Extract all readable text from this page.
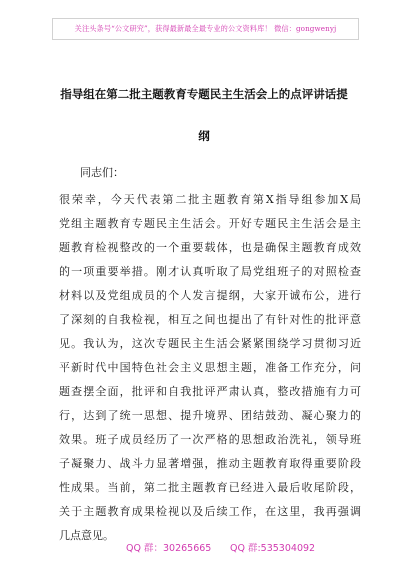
关注头条号“公文研究”，获得最新最全最专业的公文资料库！ 微信：gongwenyj
指导组在第二批主题教育专题民主生活会上的点评讲话提
纲
同志们：
很荣幸，今天代表第二批主题教育第X指导组参加X局
党组主题教育专题民主生活会。开好专题民主生活会是主
题教育检视整改的一个重要载体，也是确保主题教育成效
的一项重要举措。刚才认真听取了局党组班子的对照检查
材料以及党组成员的个人发言提纲，大家开诚布公，进行
了深刻的自我检视，相互之间也提出了有针对性的批评意
见。我认为，这次专题民主生活会紧紧围绕学习贯彻习近
平新时代中国特色社会主义思想主题，准备工作充分，问
题查摆全面，批评和自我批评严肃认真，整改措施有力可
行，达到了统一思想、提升境界、团结鼓劲、凝心聚力的
效果。班子成员经历了一次严格的思想政治洗礼，领导班
子凝聚力、战斗力显著增强，推动主题教育取得重要阶段
性成果。当前，第二批主题教育已经进入最后收尾阶段，
关于主题教育成果检视以及后续工作，在这里，我再强调
几点意见。
QQ 群：30265665 QQ 群:535304092
